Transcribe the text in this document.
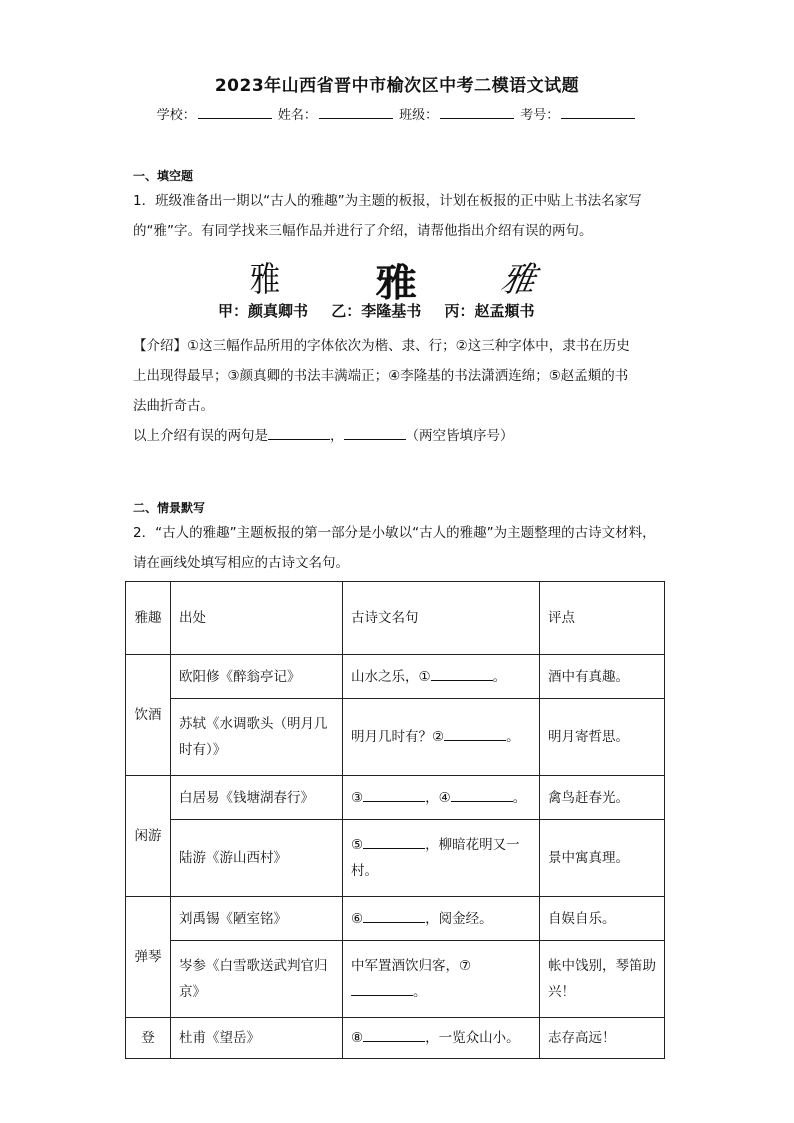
2023年山西省晋中市榆次区中考二模语文试题
学校：	姓名：	班级：	考号：
一、填空题
1．班级准备出一期以“古人的雅趣”为主题的板报，计划在板报的正中贴上书法名家写
的“雅”字。有同学找来三幅作品并进行了介绍，请帮他指出介绍有误的两句。
雅	雅 雅
甲：颜真卿书 乙：李隆基书 丙：赵孟頫书
【介绍】①这三幅作品所用的字体依次为楷、隶、行；②这三种字体中，隶书在历史
上出现得最早；③颜真卿的书法丰满端正；④李隆基的书法潇洒连绵；⑤赵孟頫的书
法曲折奇古。
以上介绍有误的两句是	，	（两空皆填序号）
二、情景默写
2．“古人的雅趣”主题板报的第一部分是小敏以“古人的雅趣”为主题整理的古诗文材料，
请在画线处填写相应的古诗文名句。
雅趣	出处	古诗文名句	评点
饮酒	欧阳修《醉翁亭记》	山水之乐，① 。	酒中有真趣。
	苏轼《水调歌头（明月几时有）》	明月几时有？② 。	明月寄哲思。
闲游	白居易《钱塘湖春行》	③ ，④ 。	禽鸟赶春光。
	陆游《游山西村》	⑤ ，柳暗花明又一村。	景中寓真理。
弹琴	刘禹锡《陋室铭》	⑥ ，阅金经。	自娱自乐。
	岑参《白雪歌送武判官归京》	中军置酒饮归客，⑦。	帐中饯别，琴笛助兴！
登	杜甫《望岳》	⑧ ，一览众山小。	志存高远！
